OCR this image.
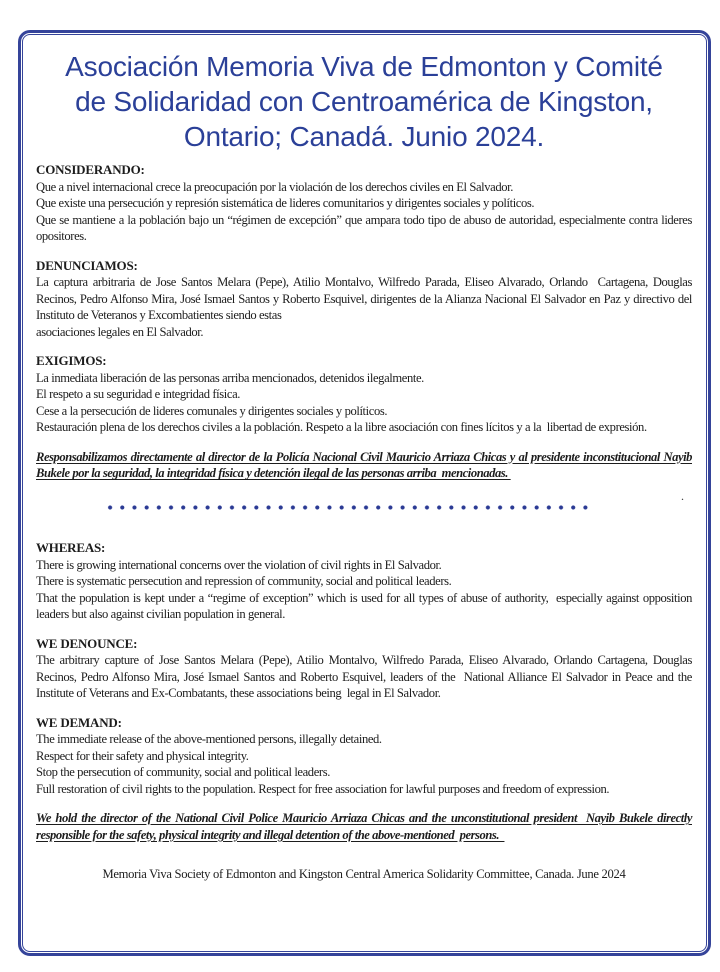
Asociación Memoria Viva de Edmonton y Comité
de Solidaridad con Centroamérica de Kingston,
Ontario; Canadá. Junio 2024.
CONSIDERANDO:

Que a nivel internacional crece la preocupación por la violación de los derechos civiles en El Salvador.

Que existe una persecución y represión sistemática de lideres comunitarios y dirigentes sociales y políticos.

Que se mantiene a la población bajo un “régimen de excepción” que ampara todo tipo de abuso de autoridad, especialmente contra lideres opositores.

DENUNCIAMOS:

La captura arbitraria de Jose Santos Melara (Pepe), Atilio Montalvo, Wilfredo Parada, Eliseo Alvarado, Orlando  Cartagena, Douglas Recinos, Pedro Alfonso Mira, José Ismael Santos y Roberto Esquivel, dirigentes de la Alianza Nacional El Salvador en Paz y directivo del Instituto de Veteranos y Excombatientes siendo estas

asociaciones legales en El Salvador.

EXIGIMOS:

La inmediata liberación de las personas arriba mencionados, detenidos ilegalmente.

El respeto a su seguridad e integridad física.

Cese a la persecución de lideres comunales y dirigentes sociales y políticos.

Restauración plena de los derechos civiles a la población. Respeto a la libre asociación con fines lícitos y a la  libertad de expresión.

Responsabilizamos directamente al director de la Policía Nacional Civil Mauricio Arriaza Chicas y al presidente inconstitucional Nayib Bukele por la seguridad, la integridad física y detención ilegal de las personas arriba  mencionadas.

.
WHEREAS:

There is growing international concerns over the violation of civil rights in El Salvador.

There is systematic persecution and repression of community, social and political leaders.

That the population is kept under a “regime of exception” which is used for all types of abuse of authority,  especially against opposition leaders but also against civilian population in general.

WE DENOUNCE:

The arbitrary capture of Jose Santos Melara (Pepe), Atilio Montalvo, Wilfredo Parada, Eliseo Alvarado, Orlando Cartagena, Douglas Recinos, Pedro Alfonso Mira, José Ismael Santos and Roberto Esquivel, leaders of the  National Alliance El Salvador in Peace and the Institute of Veterans and Ex-Combatants, these associations being  legal in El Salvador.

WE DEMAND:

The immediate release of the above-mentioned persons, illegally detained.

Respect for their safety and physical integrity.

Stop the persecution of community, social and political leaders.

Full restoration of civil rights to the population. Respect for free association for lawful purposes and freedom of expression.

We hold the director of the National Civil Police Mauricio Arriaza Chicas and the unconstitutional president  Nayib Bukele directly responsible for the safety, physical integrity and illegal detention of the above-mentioned  persons.

Memoria Viva Society of Edmonton and Kingston Central America Solidarity Committee, Canada. June 2024
